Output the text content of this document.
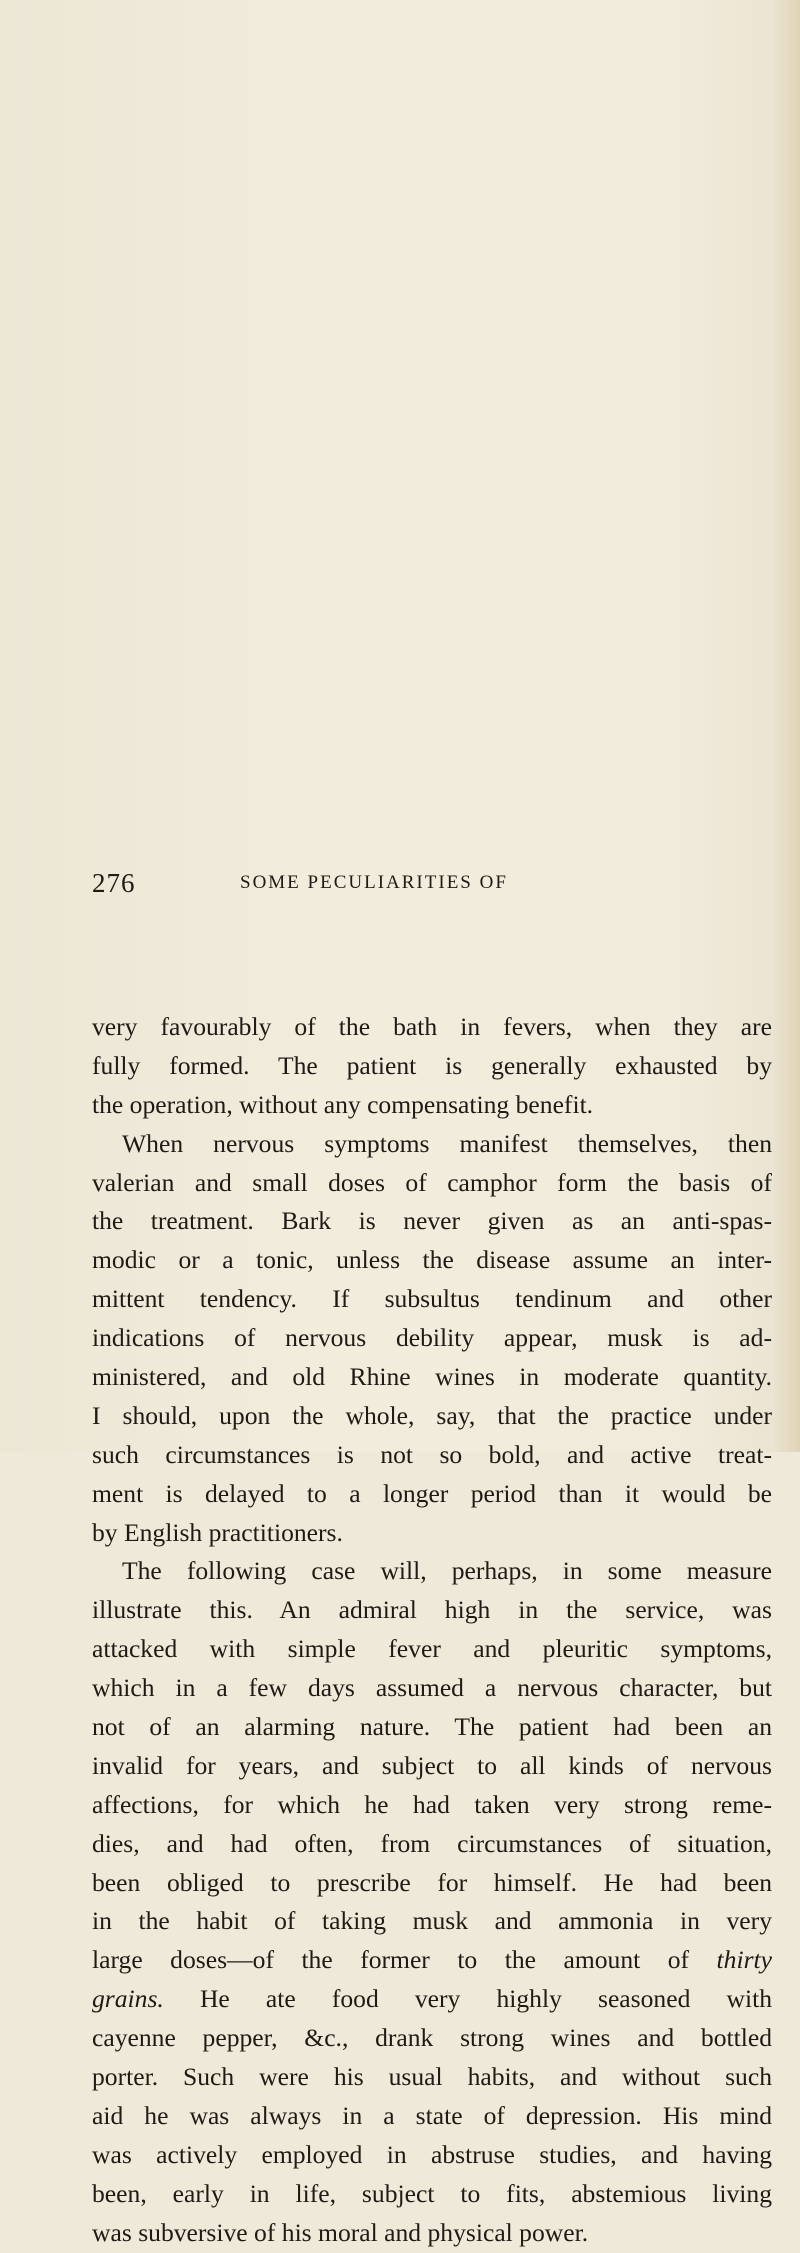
276	SOME PECULIARITIES OF
very favourably of the bath in fevers, when they are
fully formed. The patient is generally exhausted by
the operation, without any compensating benefit.
When nervous symptoms manifest themselves, then
valerian and small doses of camphor form the basis of
the treatment. Bark is never given as an anti-spas-
modic or a tonic, unless the disease assume an inter-
mittent tendency. If subsultus tendinum and other
indications of nervous debility appear, musk is ad-
ministered, and old Rhine wines in moderate quantity.
I should, upon the whole, say, that the practice under
such circumstances is not so bold, and active treat-
ment is delayed to a longer period than it would be
by English practitioners.
The following case will, perhaps, in some measure
illustrate this. An admiral high in the service, was
attacked with simple fever and pleuritic symptoms,
which in a few days assumed a nervous character, but
not of an alarming nature. The patient had been an
invalid for years, and subject to all kinds of nervous
affections, for which he had taken very strong reme-
dies, and had often, from circumstances of situation,
been obliged to prescribe for himself. He had been
in the habit of taking musk and ammonia in very
large doses—of the former to the amount of thirty
grains. He ate food very highly seasoned with
cayenne pepper, &c., drank strong wines and bottled
porter. Such were his usual habits, and without such
aid he was always in a state of depression. His mind
was actively employed in abstruse studies, and having
been, early in life, subject to fits, abstemious living
was subversive of his moral and physical power.
